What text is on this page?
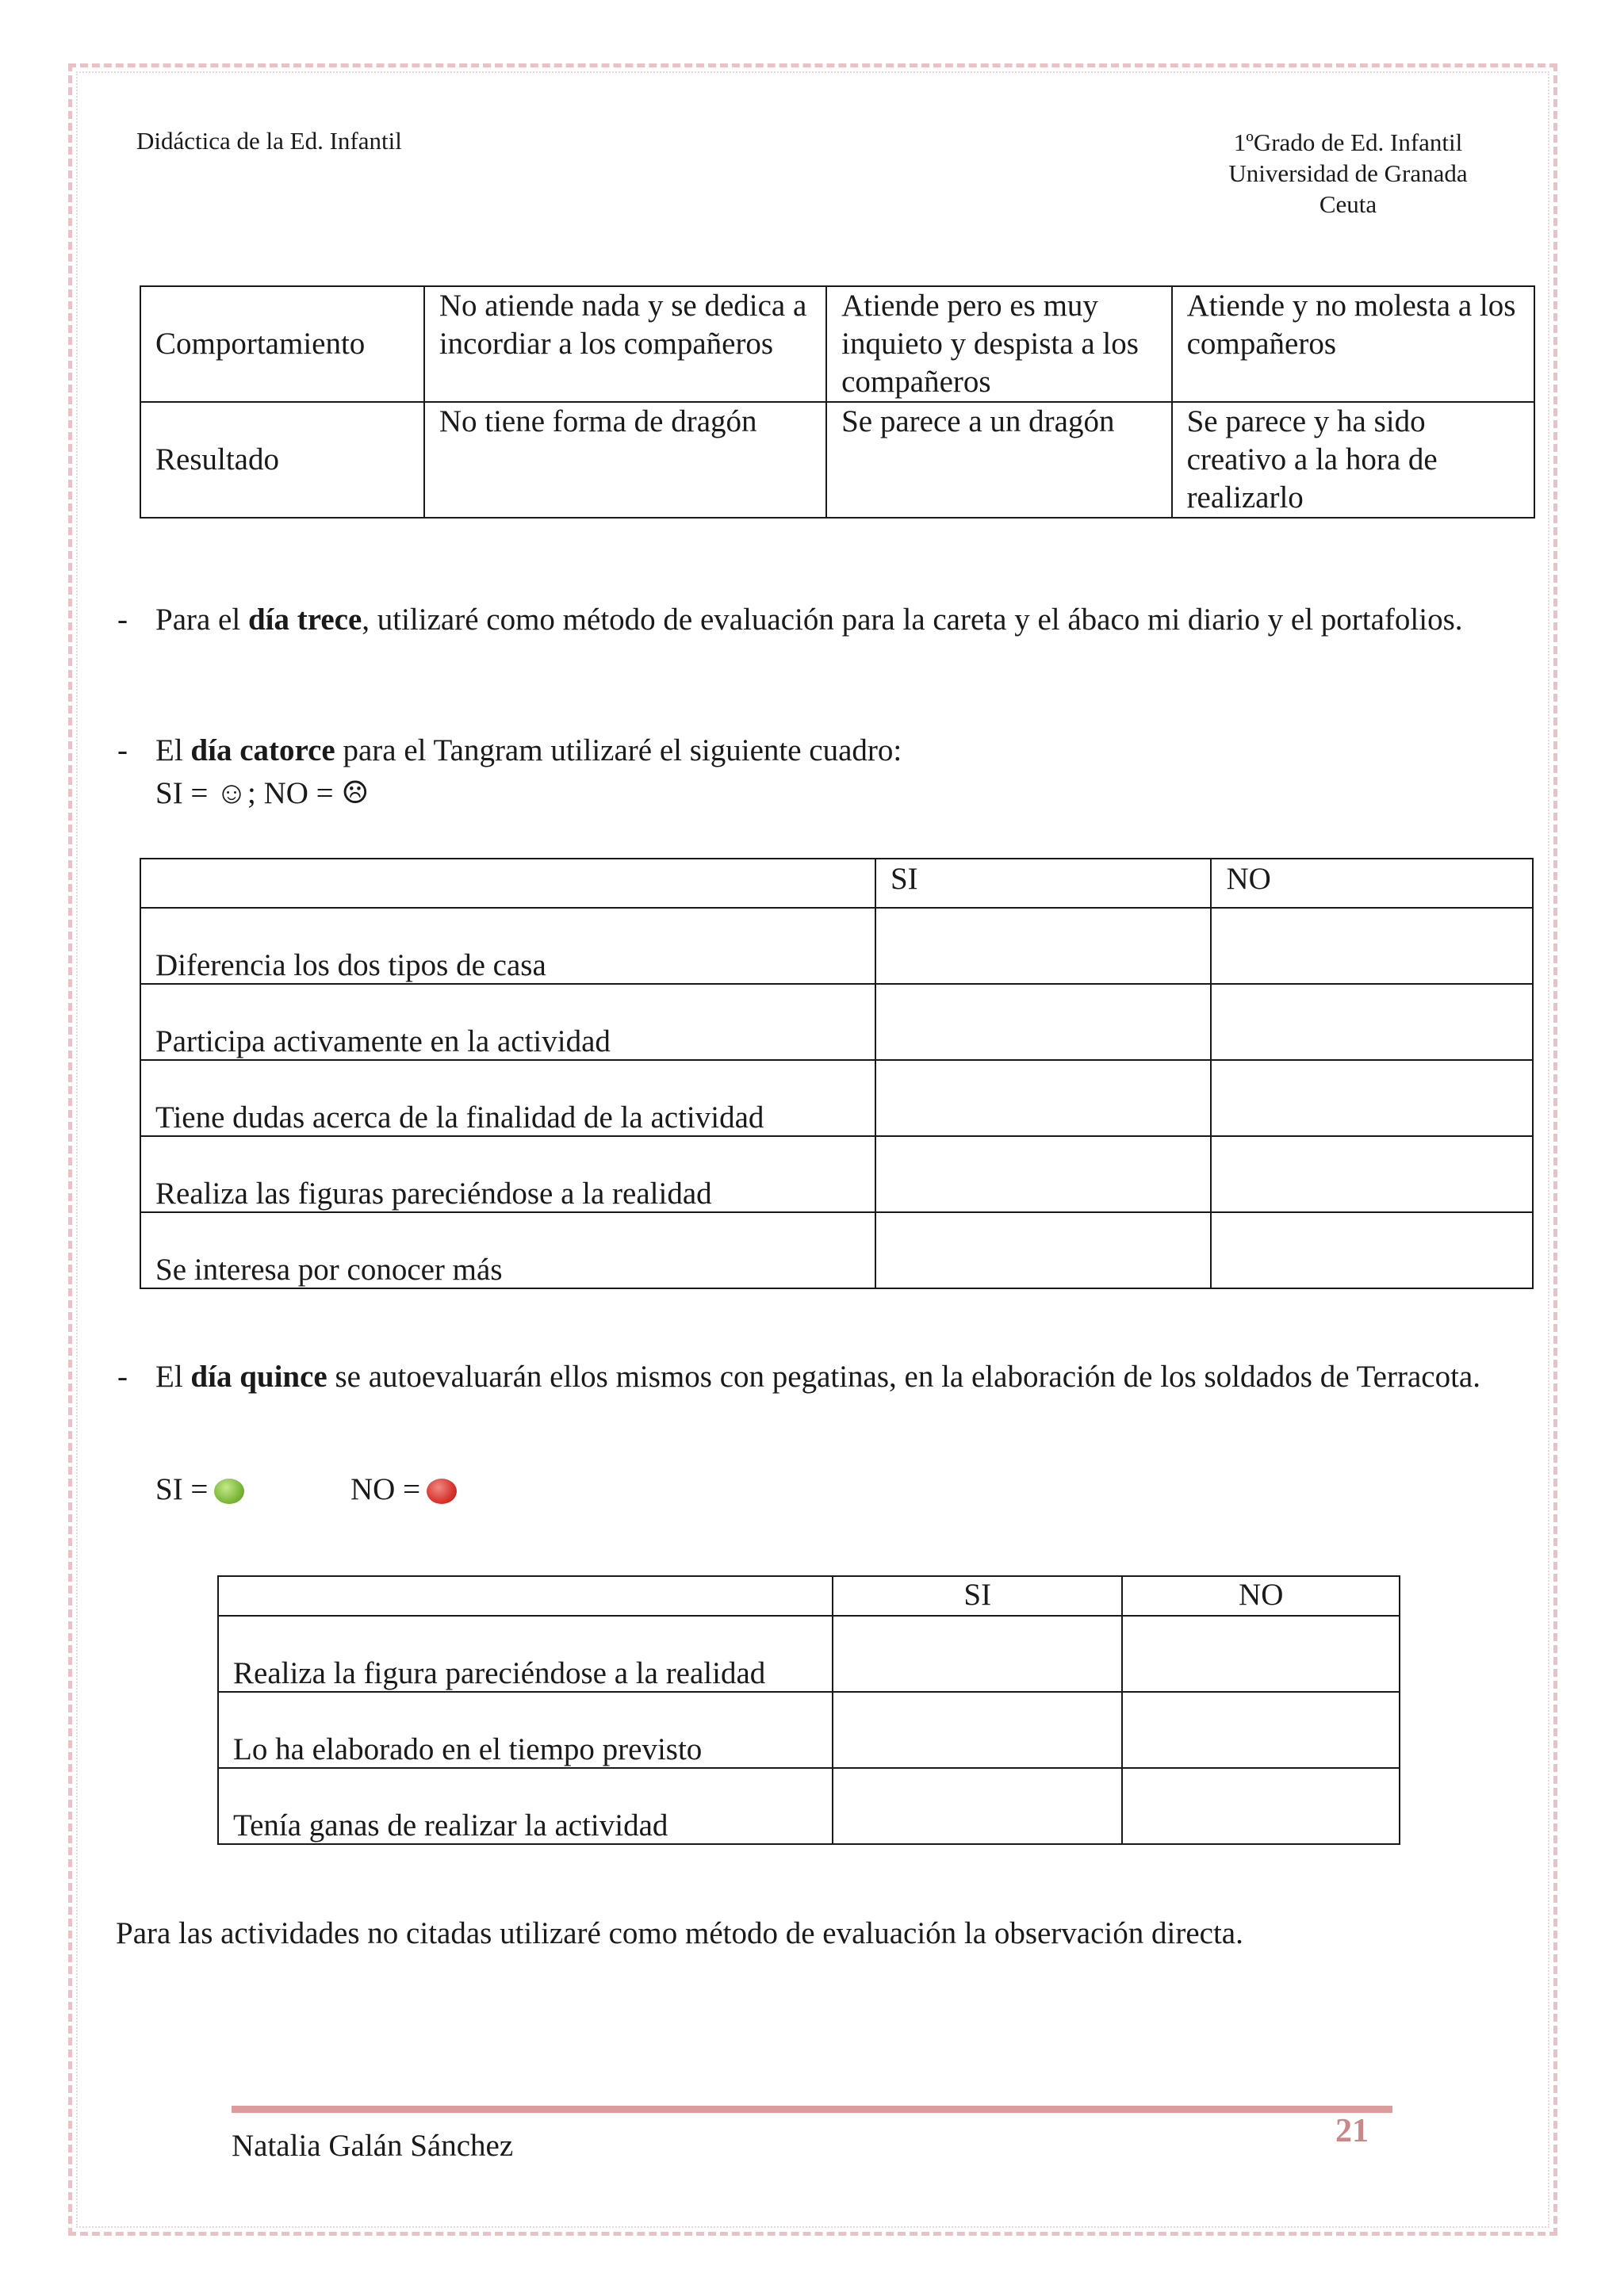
Didáctica de la Ed. Infantil	1ºGrado de Ed. Infantil
Universidad de Granada
Ceuta
Comportamiento	No atiende nada y se dedica a incordiar a los compañeros	Atiende pero es muy inquieto y despista a los compañeros	Atiende y no molesta a los compañeros
Resultado	No tiene forma de dragón	Se parece a un dragón	Se parece y ha sido creativo a la hora de realizarlo
- Para el día trece, utilizaré como método de evaluación para la careta y el ábaco mi diario y el portafolios.
- El día catorce para el Tangram utilizaré el siguiente cuadro:
SI = ☺; NO = ☹
	SI	NO
Diferencia los dos tipos de casa		
Participa activamente en la actividad		
Tiene dudas acerca de la finalidad de la actividad		
Realiza las figuras pareciéndose a la realidad		
Se interesa por conocer más		
- El día quince se autoevaluarán ellos mismos con pegatinas, en la elaboración de los soldados de Terracota.
SI =	NO =
	SI	NO
Realiza la figura pareciéndose a la realidad		
Lo ha elaborado en el tiempo previsto		
Tenía ganas de realizar la actividad		
Para las actividades no citadas utilizaré como método de evaluación la observación directa.
Natalia Galán Sánchez	21
